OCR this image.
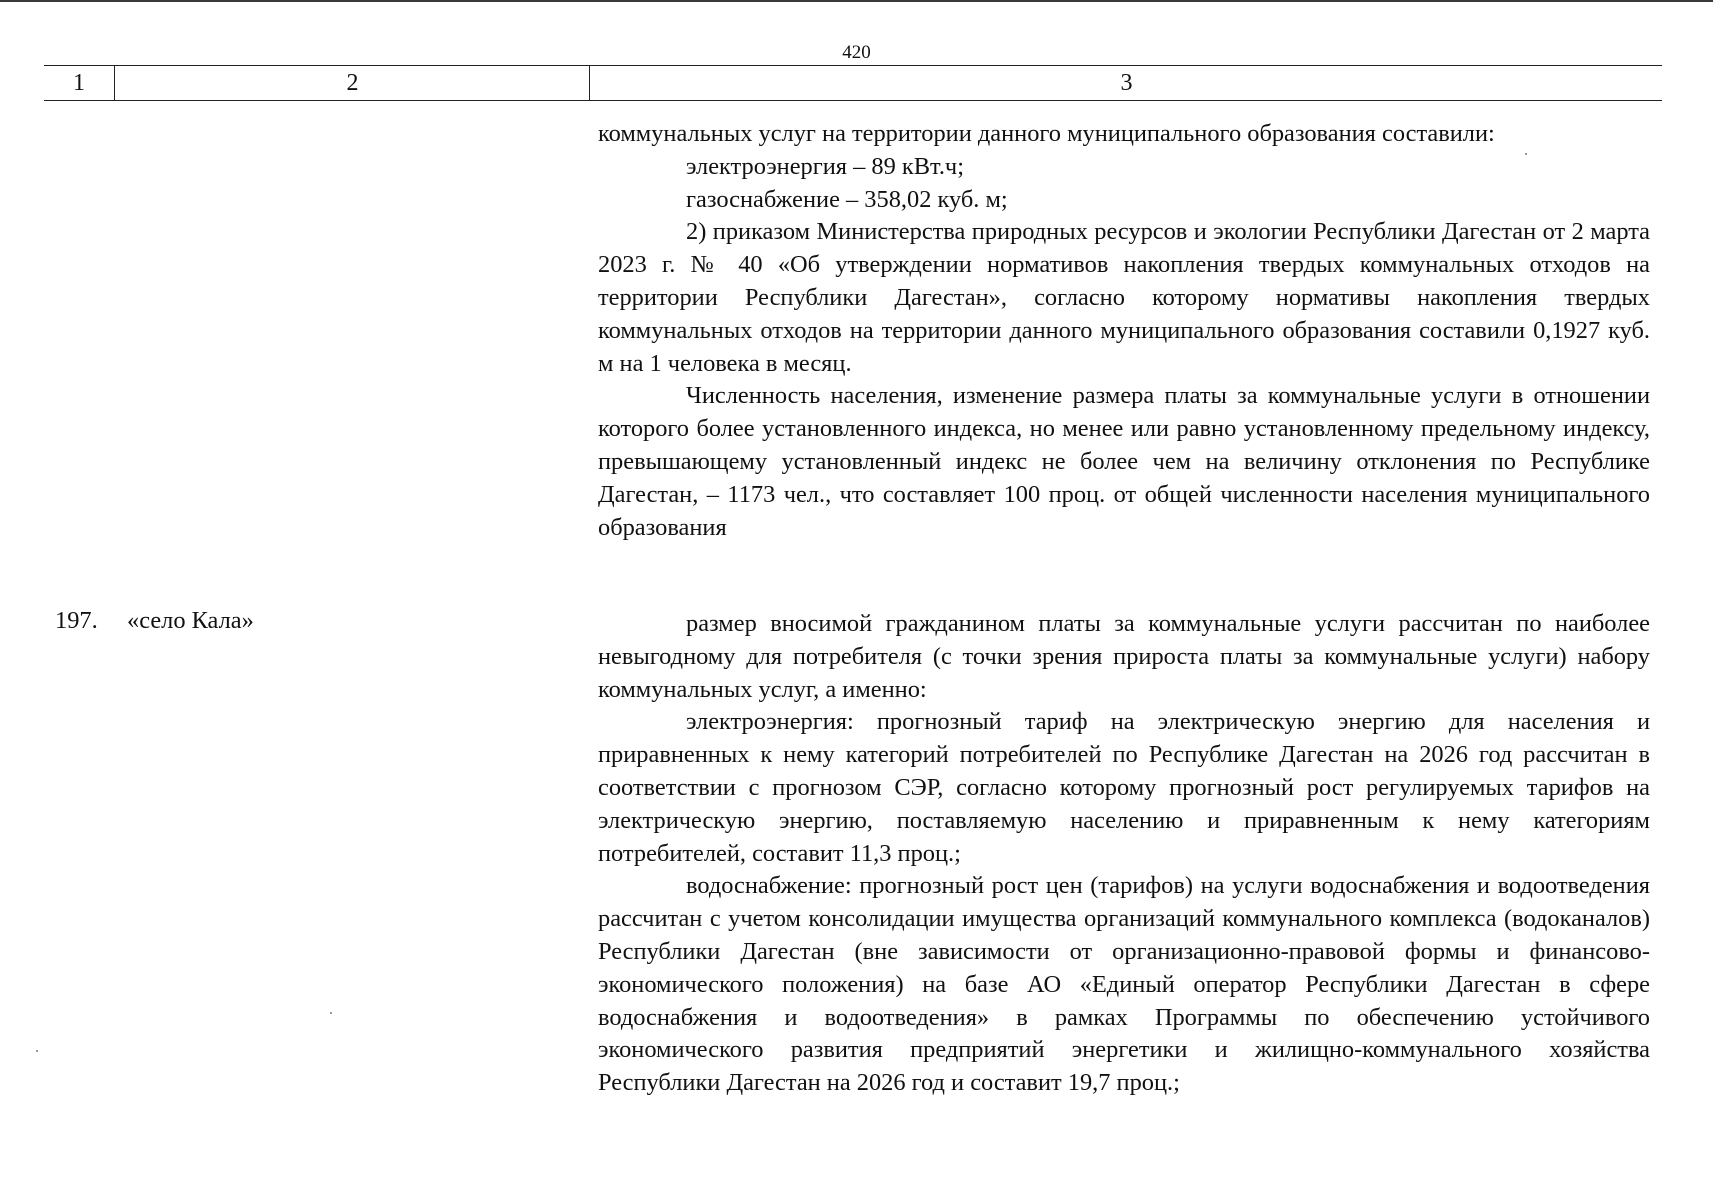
420
1	2	3

коммунальных услуг на территории данного муниципального образования составили:

электроэнергия – 89 кВт.ч;

газоснабжение – 358,02 куб. м;

2) приказом Министерства природных ресурсов и экологии Республики Дагестан от 2 марта 2023 г. № 40 «Об утверждении нормативов накопления твердых коммунальных отходов на территории Республики Дагестан», согласно которому нормативы накопления твердых коммунальных отходов на территории данного муниципального образования составили 0,1927 куб. м на 1 человека в месяц.

Численность населения, изменение размера платы за коммунальные услуги в отношении которого более установленного индекса, но менее или равно установленному предельному индексу, превышающему установленный индекс не более чем на величину отклонения по Республике Дагестан, – 1173 чел., что составляет 100 проц. от общей численности населения муниципального образования

197. «село Кала»	размер вносимой гражданином платы за коммунальные услуги рассчитан по наиболее невыгодному для потребителя (с точки зрения прироста платы за коммунальные услуги) набору коммунальных услуг, а именно:

электроэнергия: прогнозный тариф на электрическую энергию для населения и приравненных к нему категорий потребителей по Республике Дагестан на 2026 год рассчитан в соответствии с прогнозом СЭР, согласно которому прогнозный рост регулируемых тарифов на электрическую энергию, поставляемую населению и приравненным к нему категориям потребителей, составит 11,3 проц.;

водоснабжение: прогнозный рост цен (тарифов) на услуги водоснабжения и водоотведения рассчитан с учетом консолидации имущества организаций коммунального комплекса (водоканалов) Республики Дагестан (вне зависимости от организационно-правовой формы и финансово-экономического положения) на базе АО «Единый оператор Республики Дагестан в сфере водоснабжения и водоотведения» в рамках Программы по обеспечению устойчивого экономического развития предприятий энергетики и жилищно-коммунального хозяйства Республики Дагестан на 2026 год и составит 19,7 проц.;
